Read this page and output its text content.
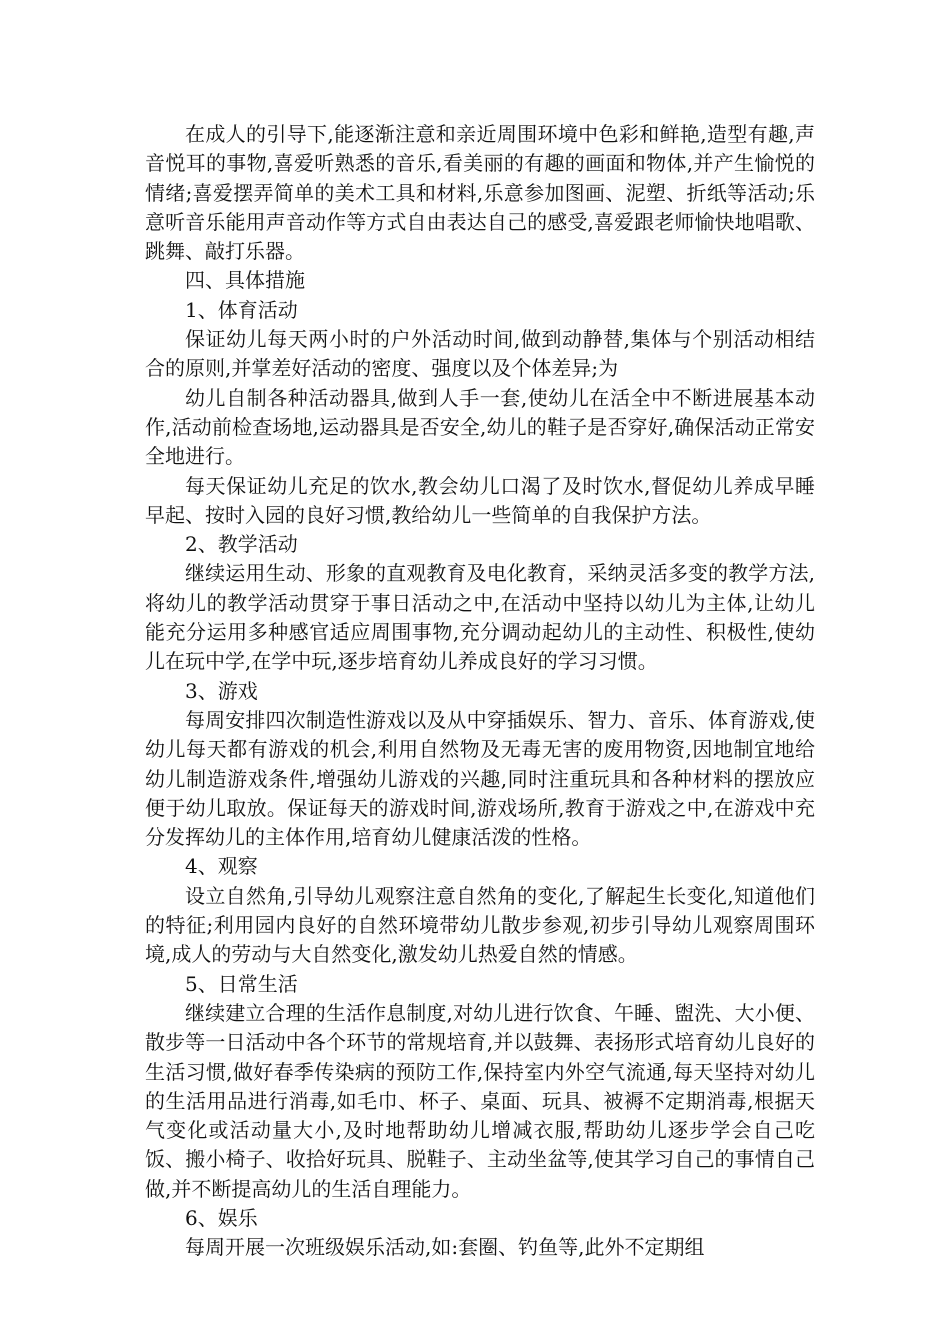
在成人的引导下,能逐渐注意和亲近周围环境中色彩和鲜艳,造型有趣,声音悦耳的事物,喜爱听熟悉的音乐,看美丽的有趣的画面和物体,并产生愉悦的情绪;喜爱摆弄简单的美术工具和材料,乐意参加图画、泥塑、折纸等活动;乐意听音乐能用声音动作等方式自由表达自己的感受,喜爱跟老师愉快地唱歌、跳舞、敲打乐器。

四、具体措施

1、体育活动

保证幼儿每天两小时的户外活动时间,做到动静替,集体与个别活动相结合的原则,并掌差好活动的密度、强度以及个体差异;为

幼儿自制各种活动器具,做到人手一套,使幼儿在活全中不断进展基本动作,活动前检查场地,运动器具是否安全,幼儿的鞋子是否穿好,确保活动正常安全地进行。

每天保证幼儿充足的饮水,教会幼儿口渴了及时饮水,督促幼儿养成早睡早起、按时入园的良好习惯,教给幼儿一些简单的自我保护方法。

2、教学活动

继续运用生动、形象的直观教育及电化教育，采纳灵活多变的教学方法,将幼儿的教学活动贯穿于事日活动之中,在活动中坚持以幼儿为主体,让幼儿能充分运用多种感官适应周围事物,充分调动起幼儿的主动性、积极性,使幼儿在玩中学,在学中玩,逐步培育幼儿养成良好的学习习惯。

3、游戏

每周安排四次制造性游戏以及从中穿插娱乐、智力、音乐、体育游戏,使幼儿每天都有游戏的机会,利用自然物及无毒无害的废用物资,因地制宜地给幼儿制造游戏条件,增强幼儿游戏的兴趣,同时注重玩具和各种材料的摆放应便于幼儿取放。保证每天的游戏时间,游戏场所,教育于游戏之中,在游戏中充分发挥幼儿的主体作用,培育幼儿健康活泼的性格。

4、观察

设立自然角,引导幼儿观察注意自然角的变化,了解起生长变化,知道他们的特征;利用园内良好的自然环境带幼儿散步参观,初步引导幼儿观察周围环境,成人的劳动与大自然变化,激发幼儿热爱自然的情感。

5、日常生活

继续建立合理的生活作息制度,对幼儿进行饮食、午睡、盥洗、大小便、散步等一日活动中各个环节的常规培育,并以鼓舞、表扬形式培育幼儿良好的生活习惯,做好春季传染病的预防工作,保持室内外空气流通,每天坚持对幼儿的生活用品进行消毒,如毛巾、杯子、桌面、玩具、被褥不定期消毒,根据天气变化或活动量大小,及时地帮助幼儿增减衣服,帮助幼儿逐步学会自己吃饭、搬小椅子、收拾好玩具、脱鞋子、主动坐盆等,使其学习自己的事情自己做,并不断提高幼儿的生活自理能力。

6、娱乐

每周开展一次班级娱乐活动,如:套圈、钓鱼等,此外不定期组
